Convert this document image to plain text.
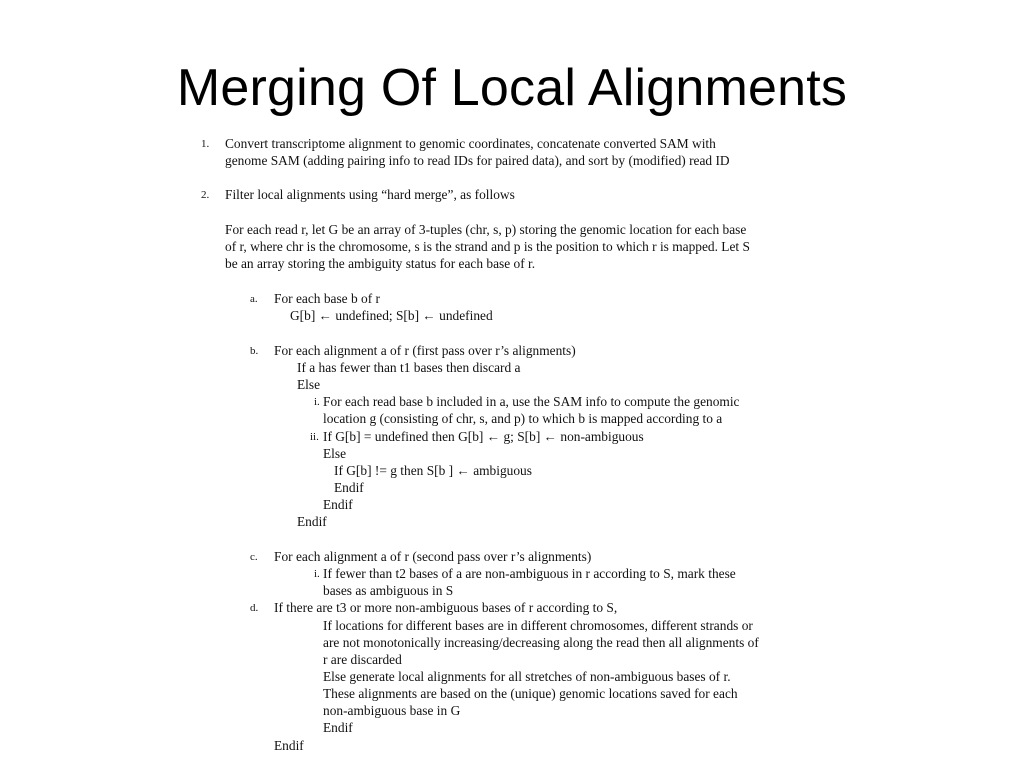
Merging Of Local Alignments
1. Convert transcriptome alignment to genomic coordinates, concatenate converted SAM with
genome SAM (adding pairing info to read IDs for paired data), and sort by (modified) read ID
2. Filter local alignments using “hard merge”, as follows
For each read r, let G be an array of 3-tuples (chr, s, p) storing the genomic location for each base
of r, where chr is the chromosome, s is the strand and p is the position to which r is mapped. Let S
be an array storing the ambiguity status for each base of r.
a. For each base b of r
G[b] ← undefined; S[b] ← undefined
b. For each alignment a of r (first pass over r’s alignments)
If a has fewer than t1 bases then discard a
Else
i. For each read base b included in a, use the SAM info to compute the genomic
location g (consisting of chr, s, and p) to which b is mapped according to a
ii. If G[b] = undefined then G[b] ← g; S[b] ← non-ambiguous
Else
If G[b] != g then S[b ] ← ambiguous
Endif
Endif
Endif
c. For each alignment a of r (second pass over r’s alignments)
i. If fewer than t2 bases of a are non-ambiguous in r according to S, mark these
bases as ambiguous in S
d. If there are t3 or more non-ambiguous bases of r according to S,
If locations for different bases are in different chromosomes, different strands or
are not monotonically increasing/decreasing along the read then all alignments of
r are discarded
Else generate local alignments for all stretches of non-ambiguous bases of r.
These alignments are based on the (unique) genomic locations saved for each
non-ambiguous base in G
Endif
Endif
